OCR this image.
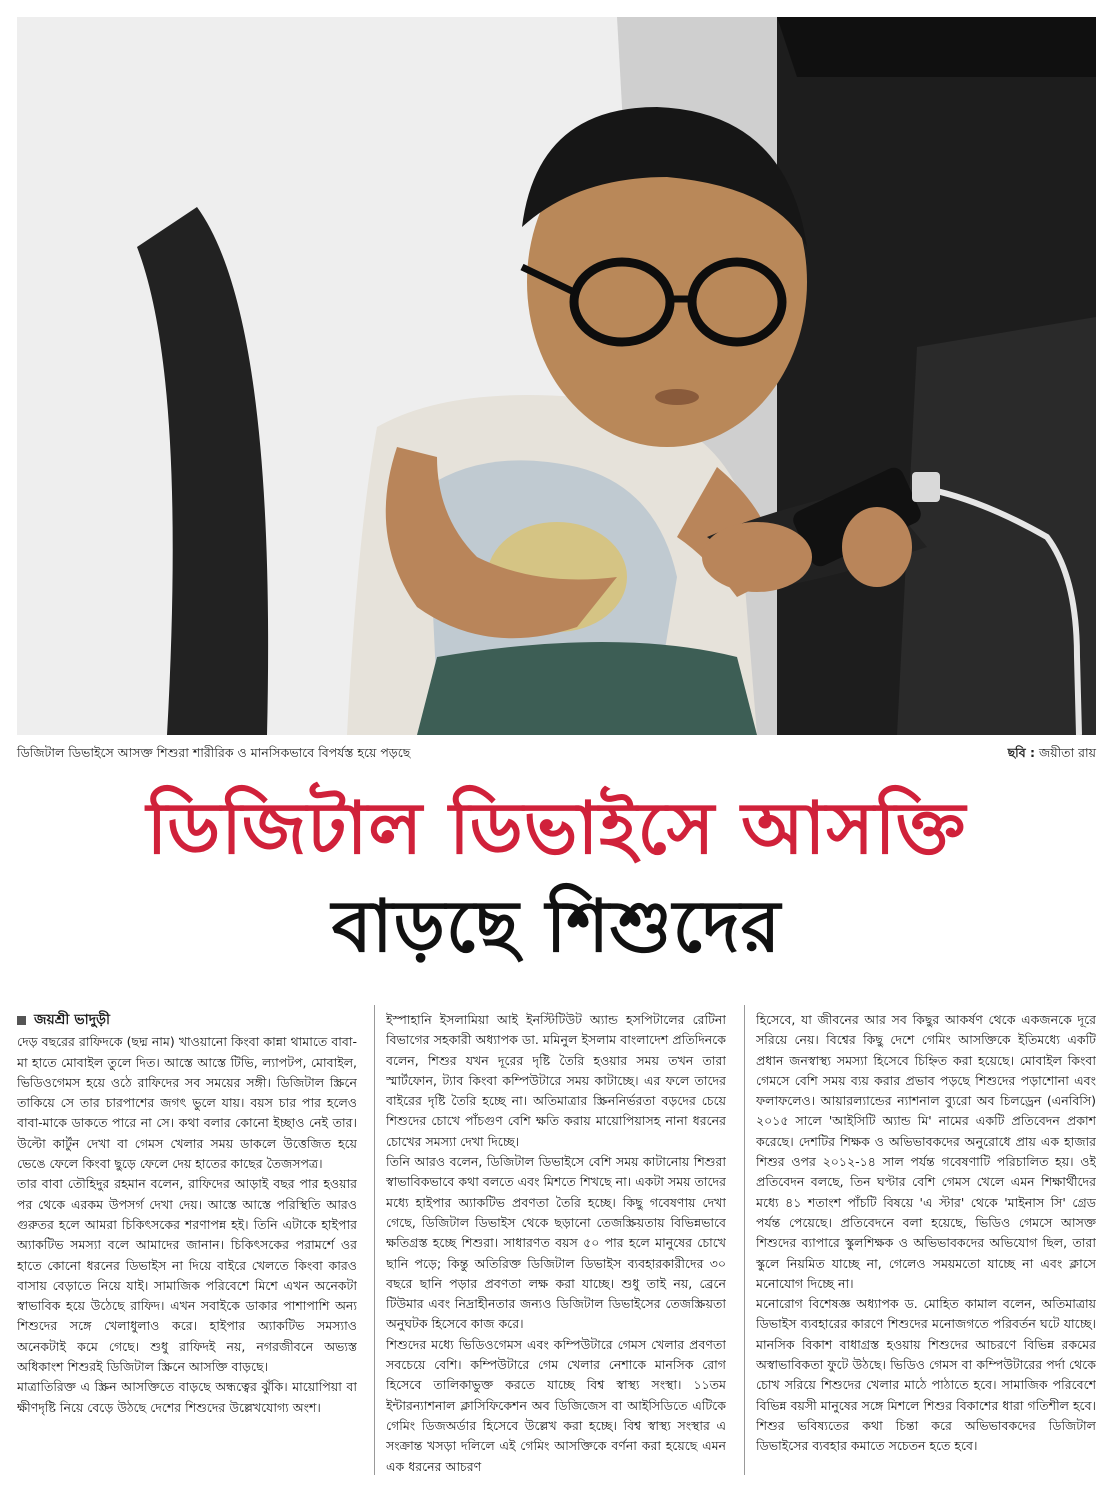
ডিজিটাল ডিভাইসে আসক্ত শিশুরা শারীরিক ও মানসিকভাবে বিপর্যস্ত হয়ে পড়ছে	ছবি : জয়ীতা রায়
ডিজিটাল ডিভাইসে আসক্তি
বাড়ছে শিশুদের
জয়শ্রী ভাদুড়ী

দেড় বছরের রাফিদকে (ছদ্ম নাম) খাওয়ানো কিংবা কান্না থামাতে বাবা-মা হাতে মোবাইল তুলে দিত। আস্তে আস্তে টিভি, ল্যাপটপ, মোবাইল, ভিডিওগেমস হয়ে ওঠে রাফিদের সব সময়ের সঙ্গী। ডিজিটাল স্ক্রিনে তাকিয়ে সে তার চারপাশের জগৎ ভুলে যায়। বয়স চার পার হলেও বাবা-মাকে ডাকতে পারে না সে। কথা বলার কোনো ইচ্ছাও নেই তার। উল্টো কার্টুন দেখা বা গেমস খেলার সময় ডাকলে উত্তেজিত হয়ে ভেঙে ফেলে কিংবা ছুড়ে ফেলে দেয় হাতের কাছের তৈজসপত্র।

তার বাবা তৌহিদুর রহমান বলেন, রাফিদের আড়াই বছর পার হওয়ার পর থেকে এরকম উপসর্গ দেখা দেয়। আস্তে আস্তে পরিস্থিতি আরও গুরুতর হলে আমরা চিকিৎসকের শরণাপন্ন হই। তিনি এটাকে হাইপার অ্যাকটিভ সমস্যা বলে আমাদের জানান। চিকিৎসকের পরামর্শে ওর হাতে কোনো ধরনের ডিভাইস না দিয়ে বাইরে খেলতে কিংবা কারও বাসায় বেড়াতে নিয়ে যাই। সামাজিক পরিবেশে মিশে এখন অনেকটা স্বাভাবিক হয়ে উঠেছে রাফিদ। এখন সবাইকে ডাকার পাশাপাশি অন্য শিশুদের সঙ্গে খেলাধুলাও করে। হাইপার অ্যাকটিভ সমস্যাও অনেকটাই কমে গেছে। শুধু রাফিদই নয়, নগরজীবনে অভ্যস্ত অধিকাংশ শিশুরই ডিজিটাল স্ক্রিনে আসক্তি বাড়ছে।

মাত্রাতিরিক্ত এ স্ক্রিন আসক্তিতে বাড়ছে অন্ধত্বের ঝুঁকি। মায়োপিয়া বা ক্ষীণদৃষ্টি নিয়ে বেড়ে উঠছে দেশের শিশুদের উল্লেখযোগ্য অংশ।

ইস্পাহানি ইসলামিয়া আই ইনস্টিটিউট অ্যান্ড হসপিটালের রেটিনা বিভাগের সহকারী অধ্যাপক ডা. মমিনুল ইসলাম বাংলাদেশ প্রতিদিনকে বলেন, শিশুর যখন দূরের দৃষ্টি তৈরি হওয়ার সময় তখন তারা স্মার্টফোন, ট্যাব কিংবা কম্পিউটারে সময় কাটাচ্ছে। এর ফলে তাদের বাইরের দৃষ্টি তৈরি হচ্ছে না। অতিমাত্রার স্ক্রিননির্ভরতা বড়দের চেয়ে শিশুদের চোখে পাঁচগুণ বেশি ক্ষতি করায় মায়োপিয়াসহ নানা ধরনের চোখের সমস্যা দেখা দিচ্ছে।

তিনি আরও বলেন, ডিজিটাল ডিভাইসে বেশি সময় কাটানোয় শিশুরা স্বাভাবিকভাবে কথা বলতে এবং মিশতে শিখছে না। একটা সময় তাদের মধ্যে হাইপার অ্যাকটিভ প্রবণতা তৈরি হচ্ছে। কিছু গবেষণায় দেখা গেছে, ডিজিটাল ডিভাইস থেকে ছড়ানো তেজস্ক্রিয়তায় বিভিন্নভাবে ক্ষতিগ্রস্ত হচ্ছে শিশুরা। সাধারণত বয়স ৫০ পার হলে মানুষের চোখে ছানি পড়ে; কিন্তু অতিরিক্ত ডিজিটাল ডিভাইস ব্যবহারকারীদের ৩০ বছরে ছানি পড়ার প্রবণতা লক্ষ করা যাচ্ছে। শুধু তাই নয়, ব্রেনে টিউমার এবং নিদ্রাহীনতার জন্যও ডিজিটাল ডিভাইসের তেজস্ক্রিয়তা অনুঘটক হিসেবে কাজ করে।

শিশুদের মধ্যে ভিডিওগেমস এবং কম্পিউটারে গেমস খেলার প্রবণতা সবচেয়ে বেশি। কম্পিউটারে গেম খেলার নেশাকে মানসিক রোগ হিসেবে তালিকাভুক্ত করতে যাচ্ছে বিশ্ব স্বাস্থ্য সংস্থা। ১১তম ইন্টারন্যাশনাল ক্লাসিফিকেশন অব ডিজিজেস বা আইসিডিতে এটিকে গেমিং ডিজঅর্ডার হিসেবে উল্লেখ করা হচ্ছে। বিশ্ব স্বাস্থ্য সংস্থার এ সংক্রান্ত খসড়া দলিলে এই গেমিং আসক্তিকে বর্ণনা করা হয়েছে এমন এক ধরনের আচরণ

হিসেবে, যা জীবনের আর সব কিছুর আকর্ষণ থেকে একজনকে দূরে সরিয়ে নেয়। বিশ্বের কিছু দেশে গেমিং আসক্তিকে ইতিমধ্যে একটি প্রধান জনস্বাস্থ্য সমস্যা হিসেবে চিহ্নিত করা হয়েছে। মোবাইল কিংবা গেমসে বেশি সময় ব্যয় করার প্রভাব পড়ছে শিশুদের পড়াশোনা এবং ফলাফলেও। আয়ারল্যান্ডের ন্যাশনাল ব্যুরো অব চিলড্রেন (এনবিসি) ২০১৫ সালে 'আইসিটি অ্যান্ড মি' নামের একটি প্রতিবেদন প্রকাশ করেছে। দেশটির শিক্ষক ও অভিভাবকদের অনুরোধে প্রায় এক হাজার শিশুর ওপর ২০১২-১৪ সাল পর্যন্ত গবেষণাটি পরিচালিত হয়। ওই প্রতিবেদন বলছে, তিন ঘণ্টার বেশি গেমস খেলে এমন শিক্ষার্থীদের মধ্যে ৪১ শতাংশ পাঁচটি বিষয়ে 'এ স্টার' থেকে 'মাইনাস সি' গ্রেড পর্যন্ত পেয়েছে। প্রতিবেদনে বলা হয়েছে, ভিডিও গেমসে আসক্ত শিশুদের ব্যাপারে স্কুলশিক্ষক ও অভিভাবকদের অভিযোগ ছিল, তারা স্কুলে নিয়মিত যাচ্ছে না, গেলেও সময়মতো যাচ্ছে না এবং ক্লাসে মনোযোগ দিচ্ছে না।

মনোরোগ বিশেষজ্ঞ অধ্যাপক ড. মোহিত কামাল বলেন, অতিমাত্রায় ডিভাইস ব্যবহারের কারণে শিশুদের মনোজগতে পরিবর্তন ঘটে যাচ্ছে। মানসিক বিকাশ বাধাগ্রস্ত হওয়ায় শিশুদের আচরণে বিভিন্ন রকমের অস্বাভাবিকতা ফুটে উঠছে। ভিডিও গেমস বা কম্পিউটারের পর্দা থেকে চোখ সরিয়ে শিশুদের খেলার মাঠে পাঠাতে হবে। সামাজিক পরিবেশে বিভিন্ন বয়সী মানুষের সঙ্গে মিশলে শিশুর বিকাশের ধারা গতিশীল হবে। শিশুর ভবিষ্যতের কথা চিন্তা করে অভিভাবকদের ডিজিটাল ডিভাইসের ব্যবহার কমাতে সচেতন হতে হবে।
